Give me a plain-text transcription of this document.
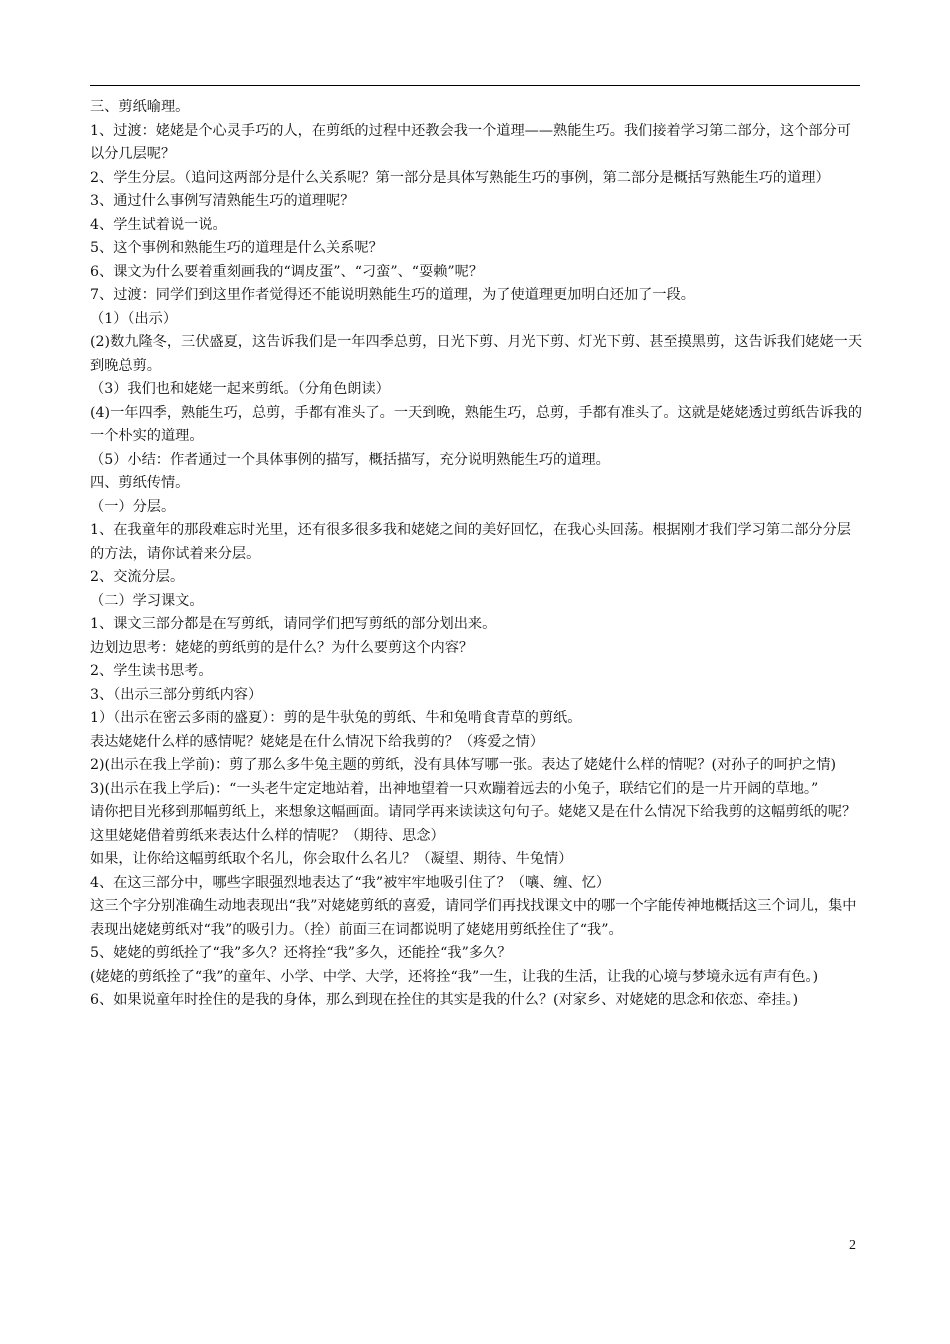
三、剪纸喻理。

1、过渡：姥姥是个心灵手巧的人，在剪纸的过程中还教会我一个道理——熟能生巧。我们接着学习第二部分，这个部分可以分几层呢？

2、学生分层。（追问这两部分是什么关系呢？第一部分是具体写熟能生巧的事例，第二部分是概括写熟能生巧的道理）

3、通过什么事例写清熟能生巧的道理呢？

4、学生试着说一说。

5、这个事例和熟能生巧的道理是什么关系呢？

6、课文为什么要着重刻画我的“调皮蛋”、“刁蛮”、“耍赖”呢？

7、过渡：同学们到这里作者觉得还不能说明熟能生巧的道理，为了使道理更加明白还加了一段。

（1）（出示）

(2)数九隆冬，三伏盛夏，这告诉我们是一年四季总剪，日光下剪、月光下剪、灯光下剪、甚至摸黑剪，这告诉我们姥姥一天到晚总剪。

（3）我们也和姥姥一起来剪纸。（分角色朗读）

(4)一年四季，熟能生巧，总剪，手都有准头了。一天到晚，熟能生巧，总剪，手都有准头了。这就是姥姥透过剪纸告诉我的一个朴实的道理。

（5）小结：作者通过一个具体事例的描写，概括描写，充分说明熟能生巧的道理。

四、剪纸传情。

（一）分层。

1、在我童年的那段难忘时光里，还有很多很多我和姥姥之间的美好回忆，在我心头回荡。根据刚才我们学习第二部分分层的方法，请你试着来分层。

2、交流分层。

（二）学习课文。

1、课文三部分都是在写剪纸，请同学们把写剪纸的部分划出来。

边划边思考：姥姥的剪纸剪的是什么？为什么要剪这个内容？

2、学生读书思考。

3、（出示三部分剪纸内容）

1）（出示在密云多雨的盛夏）：剪的是牛驮兔的剪纸、牛和兔啃食青草的剪纸。

表达姥姥什么样的感情呢？姥姥是在什么情况下给我剪的？（疼爱之情）

2)(出示在我上学前)：剪了那么多牛兔主题的剪纸，没有具体写哪一张。表达了姥姥什么样的情呢？(对孙子的呵护之情)

3)(出示在我上学后)：“一头老牛定定地站着，出神地望着一只欢蹦着远去的小兔子，联结它们的是一片开阔的草地。”

请你把目光移到那幅剪纸上，来想象这幅画面。请同学再来读读这句句子。姥姥又是在什么情况下给我剪的这幅剪纸的呢？

这里姥姥借着剪纸来表达什么样的情呢？（期待、思念）

如果，让你给这幅剪纸取个名儿，你会取什么名儿？（凝望、期待、牛兔情）

4、在这三部分中，哪些字眼强烈地表达了“我”被牢牢地吸引住了？（嚷、缠、忆）

这三个字分别准确生动地表现出“我”对姥姥剪纸的喜爱，请同学们再找找课文中的哪一个字能传神地概括这三个词儿，集中表现出姥姥剪纸对“我”的吸引力。（拴）前面三在词都说明了姥姥用剪纸拴住了“我”。

5、姥姥的剪纸拴了“我”多久？还将拴“我”多久，还能拴“我”多久？

(姥姥的剪纸拴了“我”的童年、小学、中学、大学，还将拴“我”一生，让我的生活，让我的心境与梦境永远有声有色。)

6、如果说童年时拴住的是我的身体，那么到现在拴住的其实是我的什么？(对家乡、对姥姥的思念和依恋、牵挂。)

2
